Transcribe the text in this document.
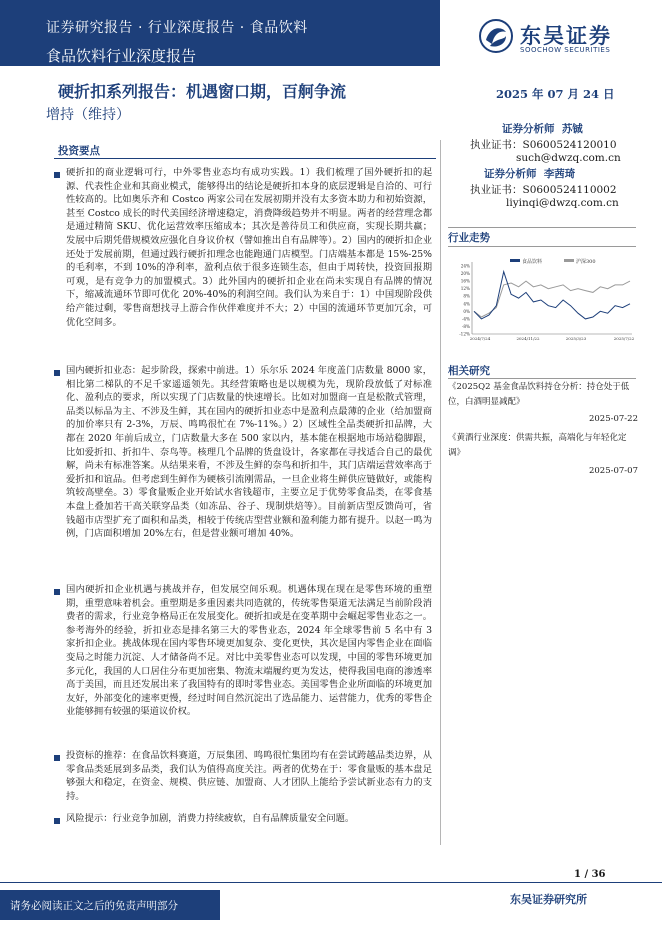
证券研究报告 · 行业深度报告 · 食品饮料
食品饮料行业深度报告
东吴证券
SOOCHOW SECURITIES
硬折扣系列报告：机遇窗口期，百舸争流	2025 年 07 月 24 日
增持（维持）
证券分析师 苏铖
执业证书：S0600524120010
such@dwzq.com.cn
证券分析师 李茜琦
执业证书：S0600524110002
liyinqi@dwzq.com.cn
行业走势
24%
20%
16%
12%
8%
4%
0%
-4%
-8%
-12%
2024/7/24	2024/11/22	2025/3/23	2025/7/22
食品饮料	沪深300
相关研究
《2025Q2 基金食品饮料持仓分析：持仓处于低位，白酒明显减配》
2025-07-22
《黄酒行业深度：供需共振，高端化与年轻化定调》
2025-07-07
投资要点
硬折扣的商业逻辑可行，中外零售业态均有成功实践。1）我们梳理了国外硬折扣的起源、代表性企业和其商业模式，能够得出的结论是硬折扣本身的底层逻辑是自洽的、可行性较高的。比如奥乐齐和 Costco 两家公司在发展初期并没有太多资本助力和初始资源，甚至 Costco 成长的时代美国经济增速稳定，消费降级趋势并不明显。两者的经营理念都是通过精简 SKU、优化运营效率压缩成本；其次是善待员工和供应商，实现长期共赢；发展中后期凭借规模效应强化自身议价权（譬如推出自有品牌等）。2）国内的硬折扣企业还处于发展前期，但通过践行硬折扣理念也能跑通门店模型。门店端基本都是 15%-25%的毛利率，不到 10%的净利率，盈利点依于很多连锁生态，但由于周转快，投资回报期可观，是有竞争力的加盟模式。3）此外国内的硬折扣企业在尚未实现自有品牌的情况下，缩减流通环节即可优化 20%-40%的利润空间。我们认为来自于：1）中国现阶段供给产能过剩，零售商想找寻上游合作伙伴难度并不大；2）中国的流通环节更加冗余，可优化空间多。
国内硬折扣业态：起步阶段，探索中前进。1）乐尔乐 2024 年度盖门店数量 8000 家，相比第二梯队的不足千家遥遥领先。其经营策略也是以规模为先，现阶段放低了对标准化、盈利点的要求，所以实现了门店数量的快速增长。比如对加盟商一直是松散式管理，品类以标品为主、不涉及生鲜，其在国内的硬折扣业态中是盈利点最薄的企业（给加盟商的加价率只有 2-3%，万辰、鸣鸣很忙在 7%-11%。）2）区域性全品类硬折扣品牌，大都在 2020 年前后成立，门店数量大多在 500 家以内，基本能在根据地市场站稳脚跟，比如爱折扣、折扣牛、奈鸟等。核理几个品牌的货盘设计，各家都在寻找适合自己的最优解，尚未有标准答案。从结果来看，不涉及生鲜的奈鸟和折扣牛，其门店端运营效率高于爱折扣和谊品。但考虑到生鲜作为硬核引流刚需品，一旦企业将生鲜供应链做好，或能构筑较高壁垒。3）零食量贩企业开始试水省钱超市，主要立足于优势零食品类，在零食基本盘上叠加若干高关联穿品类（如冻品、谷子、现制烘焙等）。目前新店型反馈尚可，省钱超市店型扩充了面积和品类，相较于传统店型营业额和盈利能力都有提升。以赵一鸣为例，门店面积增加 20%左右，但是营业额可增加 40%。
国内硬折扣企业机遇与挑战并存，但发展空间乐观。机遇体现在现在是零售环境的重塑期，重塑意味着机会。重塑期是多重因素共同造就的，传统零售渠道无法满足当前阶段消费者的需求，行业竞争格局正在发展变化。硬折扣或是在变革期中会崛起零售业态之一。参考海外的经验，折扣业态是排名第三大的零售业态，2024 年全球零售前 5 名中有 3 家折扣企业。挑战体现在国内零售环境更加复杂、变化更快，其次是国内零售企业在面临变局之时能力沉淀、人才储备尚不足。对比中美零售业态可以发现，中国的零售环境更加多元化，我国的人口居住分布更加密集、物流末端履约更为发达，使得我国电商的渗透率高于美国，而且还发展出来了我国特有的即时零售业态。美国零售企业所面临的环境更加友好，外部变化的速率更慢，经过时间自然沉淀出了选品能力、运营能力，优秀的零售企业能够拥有较强的渠道议价权。
投资标的推荐：在食品饮料赛道，万辰集团、鸣鸣很忙集团均有在尝试跨越品类边界，从零食品类延展到多品类，我们认为值得高度关注。两者的优势在于：零食量贩的基本盘足够强大和稳定，在资金、规模、供应链、加盟商、人才团队上能给予尝试新业态有力的支持。
风险提示：行业竞争加剧，消费力持续疲软，自有品牌质量安全问题。
1 / 36
请务必阅读正文之后的免责声明部分	东吴证券研究所
